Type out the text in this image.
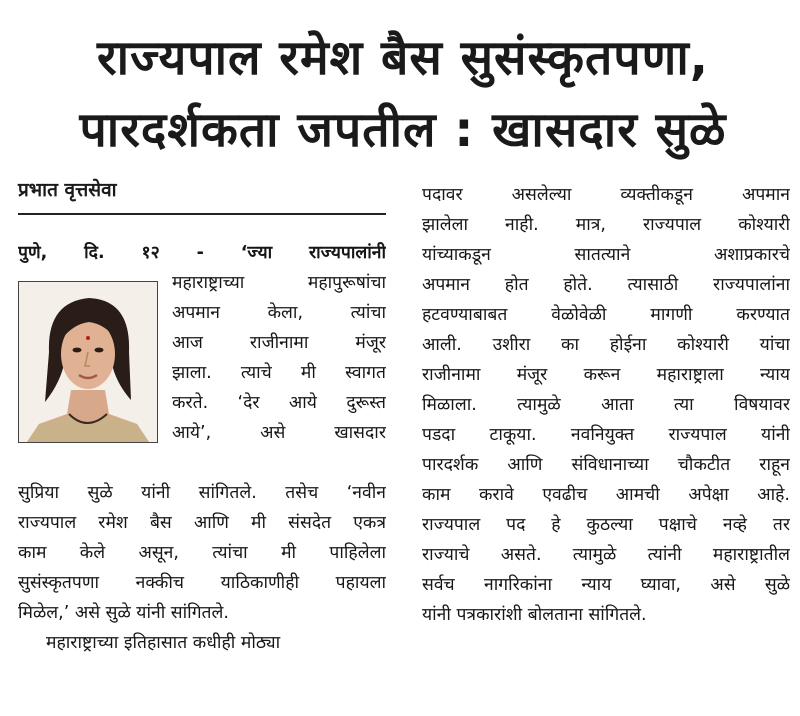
राज्यपाल रमेश बैस सुसंस्कृतपणा,
पारदर्शकता जपतील : खासदार सुळे
प्रभात वृत्तसेवा
पुणे, दि. १२ - ‘ज्या राज्यपालांनी
महाराष्ट्राच्या महापुरूषांचा
अपमान केला, त्यांचा
आज राजीनामा मंजूर
झाला. त्याचे मी स्वागत
करते. ‘देर आये दुरूस्त
आये’, असे खासदार
सुप्रिया सुळे यांनी सांगितले. तसेच ‘नवीन
राज्यपाल रमेश बैस आणि मी संसदेत एकत्र
काम केले असून, त्यांचा मी पाहिलेला
सुसंस्कृतपणा नक्कीच याठिकाणीही पहायला
मिळेल,’ असे सुळे यांनी सांगितले.
महाराष्ट्राच्या इतिहासात कधीही मोठ्या
पदावर असलेल्या व्यक्तीकडून अपमान
झालेला नाही. मात्र, राज्यपाल कोश्यारी
यांच्याकडून सातत्याने अशाप्रकारचे
अपमान होत होते. त्यासाठी राज्यपालांना
हटवण्याबाबत वेळोवेळी मागणी करण्यात
आली. उशीरा का होईना कोश्यारी यांचा
राजीनामा मंजूर करून महाराष्ट्राला न्याय
मिळाला. त्यामुळे आता त्या विषयावर
पडदा टाकूया. नवनियुक्त राज्यपाल यांनी
पारदर्शक आणि संविधानाच्या चौकटीत राहून
काम करावे एवढीच आमची अपेक्षा आहे.
राज्यपाल पद हे कुठल्या पक्षाचे नव्हे तर
राज्याचे असते. त्यामुळे त्यांनी महाराष्ट्रातील
सर्वच नागरिकांना न्याय घ्यावा, असे सुळे
यांनी पत्रकारांशी बोलताना सांगितले.
